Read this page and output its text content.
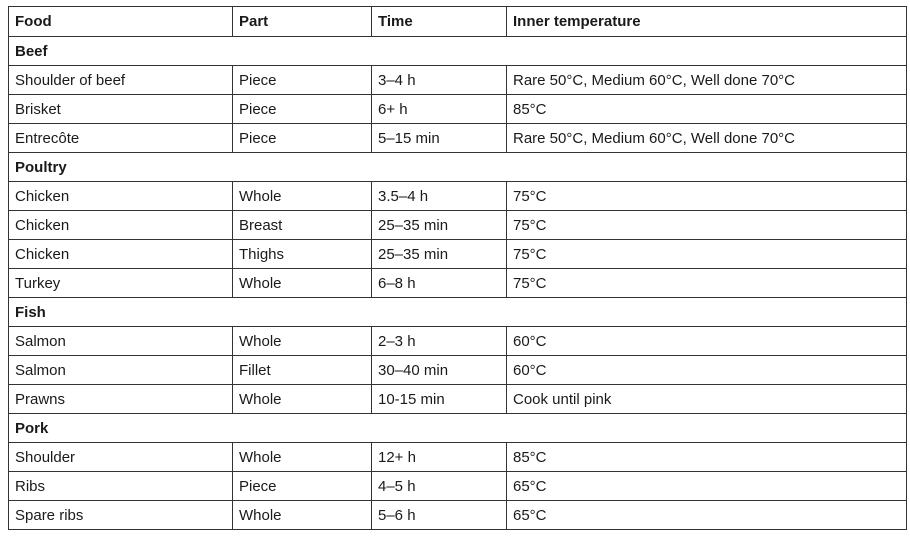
Food	Part	Time	Inner temperature
Beef			
Shoulder of beef	Piece	3–4 h	Rare 50°C, Medium 60°C, Well done 70°C
Brisket	Piece	6+ h	85°C
Entrecôte	Piece	5–15 min	Rare 50°C, Medium 60°C, Well done 70°C
Poultry			
Chicken	Whole	3.5–4 h	75°C
Chicken	Breast	25–35 min	75°C
Chicken	Thighs	25–35 min	75°C
Turkey	Whole	6–8 h	75°C
Fish			
Salmon	Whole	2–3 h	60°C
Salmon	Fillet	30–40 min	60°C
Prawns	Whole	10-15 min	Cook until pink
Pork			
Shoulder	Whole	12+ h	85°C
Ribs	Piece	4–5 h	65°C
Spare ribs	Whole	5–6 h	65°C
